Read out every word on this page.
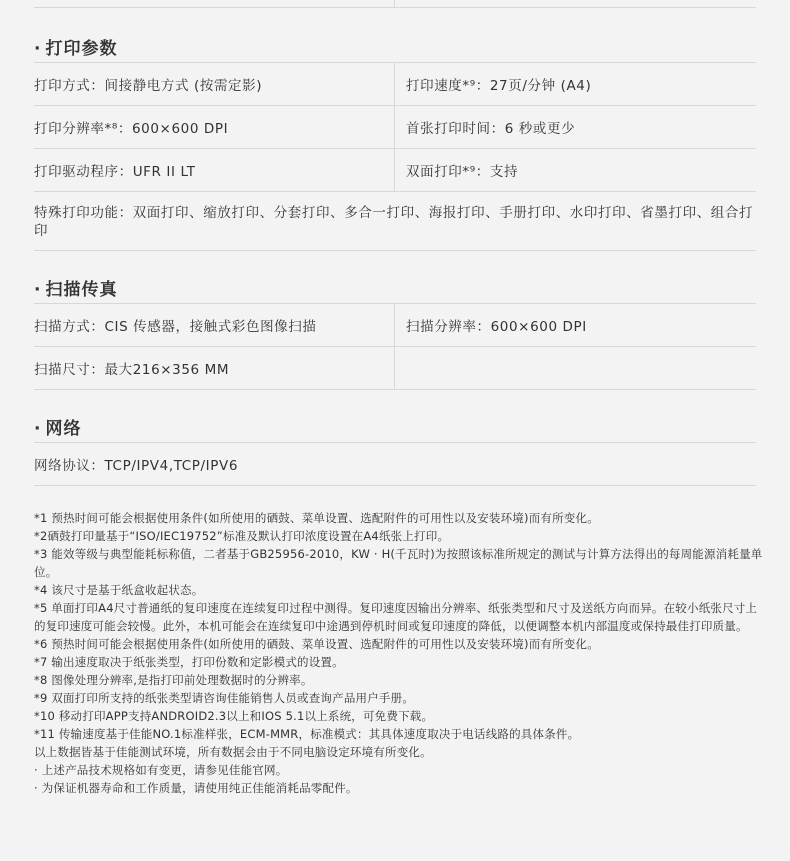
· 打印参数
打印方式：间接静电方式 (按需定影)	打印速度*⁹：27页/分钟 (A4)
打印分辨率*⁸：600×600 DPI	首张打印时间：6 秒或更少
打印驱动程序：UFR II LT	双面打印*⁹：支持
特殊打印功能：双面打印、缩放打印、分套打印、多合一打印、海报打印、手册打印、水印打印、省墨打印、组合打印
· 扫描传真
扫描方式：CIS 传感器，接触式彩色图像扫描	扫描分辨率：600×600 DPI
扫描尺寸：最大216×356 MM
· 网络
网络协议：TCP/IPV4,TCP/IPV6

*1 预热时间可能会根据使用条件(如所使用的硒鼓、菜单设置、选配附件的可用性以及安装环境)而有所变化。

*2硒鼓打印量基于“ISO/IEC19752”标准及默认打印浓度设置在A4纸张上打印。

*3 能效等级与典型能耗标称值，二者基于GB25956-2010，KW · H(千瓦时)为按照该标准所规定的测试与计算方法得出的每周能源消耗量单位。

*4 该尺寸是基于纸盒收起状态。

*5 单面打印A4尺寸普通纸的复印速度在连续复印过程中测得。复印速度因输出分辨率、纸张类型和尺寸及送纸方向而异。在较小纸张尺寸上的复印速度可能会较慢。此外，本机可能会在连续复印中途遇到停机时间或复印速度的降低，以便调整本机内部温度或保持最佳打印质量。

*6 预热时间可能会根据使用条件(如所使用的硒鼓、菜单设置、选配附件的可用性以及安装环境)而有所变化。

*7 输出速度取决于纸张类型，打印份数和定影模式的设置。

*8 图像处理分辨率,是指打印前处理数据时的分辨率。

*9 双面打印所支持的纸张类型请咨询佳能销售人员或查询产品用户手册。

*10 移动打印APP支持ANDROID2.3以上和IOS 5.1以上系统，可免费下载。

*11 传输速度基于佳能NO.1标准样张，ECM-MMR，标准模式：其具体速度取决于电话线路的具体条件。

以上数据皆基于佳能测试环境，所有数据会由于不同电脑设定环境有所变化。

· 上述产品技术规格如有变更，请参见佳能官网。

· 为保证机器寿命和工作质量，请使用纯正佳能消耗品零配件。
